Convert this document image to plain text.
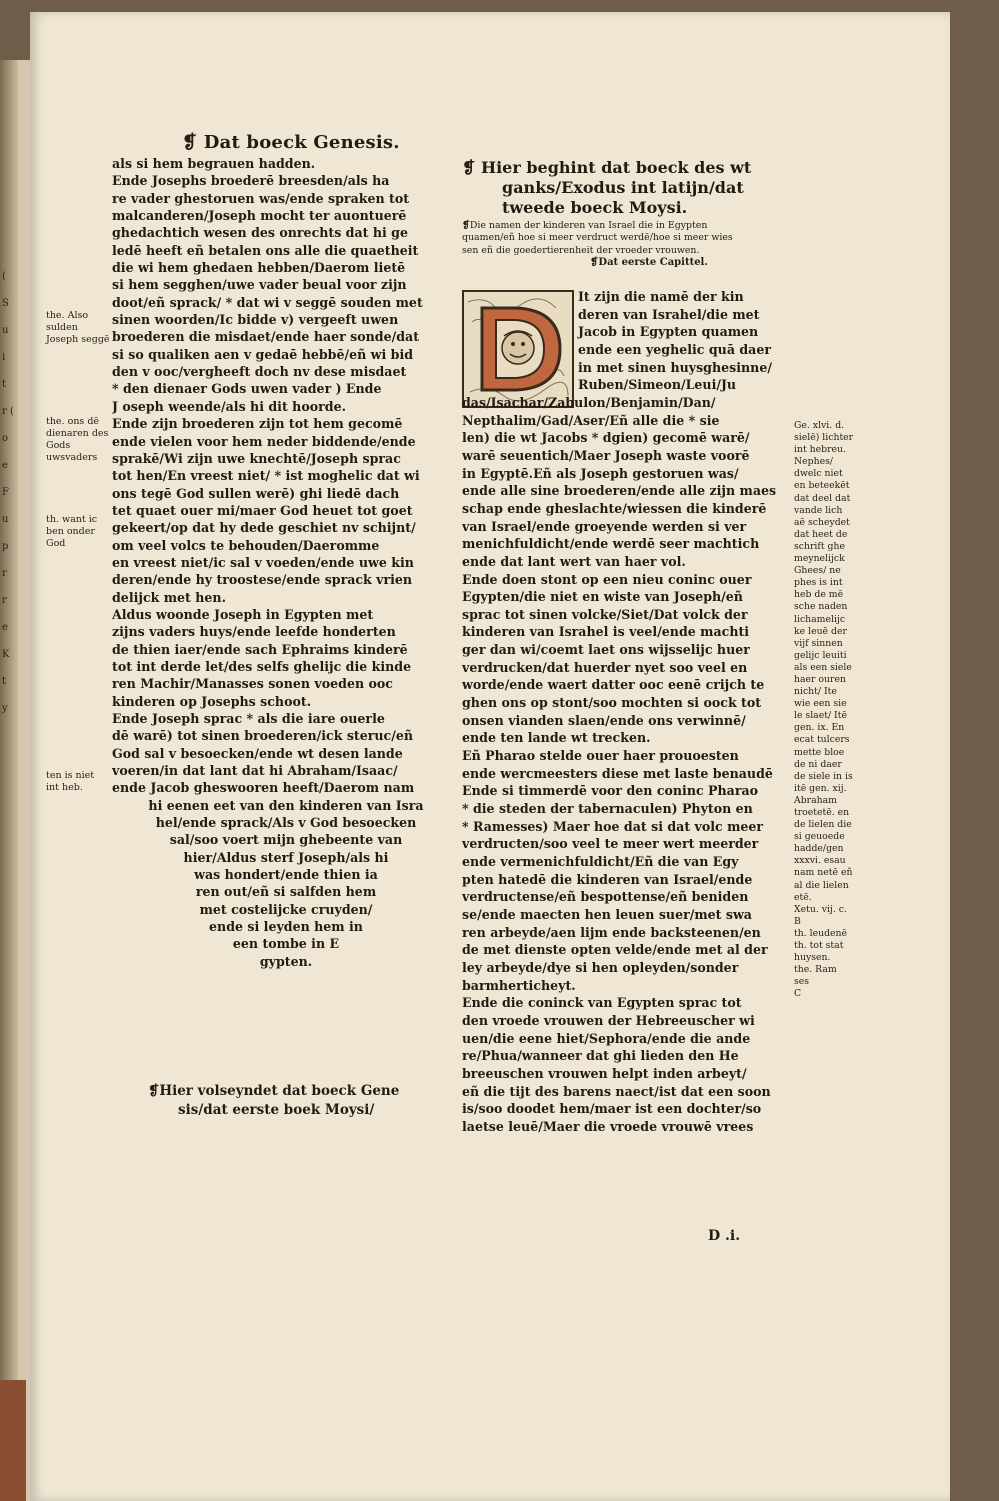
(
S
u
i
t
r (
o
e
F
u
p
r
r
e
K
t
y
❡ Dat boeck Genesis.
als si hem begrauen hadden.
Ende Josephs broederē breesden/als ha
re vader ghestoruen was/ende spraken tot
malcanderen/Joseph mocht ter auontuerē
ghedachtich wesen des onrechts dat hi ge
ledē heeft eñ betalen ons alle die quaetheit
die wi hem ghedaen hebben/Daerom lietē
si hem segghen/uwe vader beual voor zijn
doot/eñ sprack/ * dat wi v seggē souden met
sinen woorden/Ic bidde v) vergeeft uwen
broederen die misdaet/ende haer sonde/dat
si so qualiken aen v gedaē hebbē/eñ wi bid
den v ooc/vergheeft doch nv dese misdaet
* den dienaer Gods uwen vader ) Ende
J oseph weende/als hi dit hoorde.
Ende zijn broederen zijn tot hem gecomē
ende vielen voor hem neder biddende/ende
sprakē/Wi zijn uwe knechtē/Joseph sprac
tot hen/En vreest niet/ * ist moghelic dat wi
ons tegē God sullen werē) ghi liedē dach
tet quaet ouer mi/maer God heuet tot goet
gekeert/op dat hy dede geschiet nv schijnt/
om veel volcs te behouden/Daeromme
en vreest niet/ic sal v voeden/ende uwe kin
deren/ende hy troostese/ende sprack vrien
delijck met hen.
Aldus woonde Joseph in Egypten met
zijns vaders huys/ende leefde honderten
de thien iaer/ende sach Ephraims kinderē
tot int derde let/des selfs ghelijc die kinde
ren Machir/Manasses sonen voeden ooc
kinderen op Josephs schoot.
Ende Joseph sprac * als die iare ouerle
dē warē) tot sinen broederen/ick steruc/eñ
God sal v besoecken/ende wt desen lande
voeren/in dat lant dat hi Abraham/Isaac/
ende Jacob gheswooren heeft/Daerom nam
hi eenen eet van den kinderen van Isra
hel/ende sprack/Als v God besoecken
sal/soo voert mijn ghebeente van
hier/Aldus sterf Joseph/als hi
was hondert/ende thien ia
ren out/eñ si salfden hem
met costelijcke cruyden/
ende si leyden hem in
een tombe in E
gypten.
the. Also sulden Joseph seggē
the. ons dē dienaren des Gods uwsvaders
th. want ic ben onder God
ten is niet int heb.
❡Hier volseyndet dat boeck Gene
sis/dat eerste boek Moysi/
❡ Hier beghint dat boeck des wt
ganks/Exodus int latijn/dat
tweede boeck Moysi.
❡Die namen der kinderen van Israel die in Egypten
quamen/eñ hoe si meer verdruct werdē/hoe si meer wies
sen eñ die goedertierenheit der vroeder vrouwen.
❡Dat eerste Capittel.
It zijn die namē der kin
deren van Israhel/die met
Jacob in Egypten quamen
ende een yeghelic quā daer
in met sinen huysghesinne/
Ruben/Simeon/Leui/Ju
das/Isachar/Zabulon/Benjamin/Dan/
Nepthalim/Gad/Aser/Eñ alle die * sie
len) die wt Jacobs * dgien) gecomē warē/
warē seuentich/Maer Joseph waste voorē
in Egyptē.Eñ als Joseph gestoruen was/
ende alle sine broederen/ende alle zijn maes
schap ende gheslachte/wiessen die kinderē
van Israel/ende groeyende werden si ver
menichfuldicht/ende werdē seer machtich
ende dat lant wert van haer vol.
Ende doen stont op een nieu coninc ouer
Egypten/die niet en wiste van Joseph/eñ
sprac tot sinen volcke/Siet/Dat volck der
kinderen van Israhel is veel/ende machti
ger dan wi/coemt laet ons wijsselijc huer
verdrucken/dat huerder nyet soo veel en
worde/ende waert datter ooc eenē crijch te
ghen ons op stont/soo mochten si oock tot
onsen vianden slaen/ende ons verwinnē/
ende ten lande wt trecken.
Eñ Pharao stelde ouer haer prouoesten
ende wercmeesters diese met laste benaudē
Ende si timmerdē voor den coninc Pharao
* die steden der tabernaculen) Phyton en
* Ramesses) Maer hoe dat si dat volc meer
verdructen/soo veel te meer wert meerder
ende vermenichfuldicht/Eñ die van Egy
pten hatedē die kinderen van Israel/ende
verdructense/eñ bespottense/eñ beniden
se/ende maecten hen leuen suer/met swa
ren arbeyde/aen lijm ende backsteenen/en
de met dienste opten velde/ende met al der
ley arbeyde/dye si hen opleyden/sonder
barmherticheyt.
Ende die coninck van Egypten sprac tot
den vroede vrouwen der Hebreeuscher wi
uen/die eene hiet/Sephora/ende die ande
re/Phua/wanneer dat ghi lieden den He
breeuschen vrouwen helpt inden arbeyt/
eñ die tijt des barens naect/ist dat een soon
is/soo doodet hem/maer ist een dochter/so
laetse leuē/Maer die vroede vrouwē vrees
Ge. xlvi. d.
sielē) lichter
int hebreu.
Nephes/
dwelc niet
en beteekēt
dat deel dat
vande lich
aē scheydet
dat heet de
schrift ghe
meynelijck
Ghees/ ne
phes is int
heb de mē
sche naden
lichamelijc
ke leuē der
vijf sinnen
gelijc leuiti
als een siele
haer ouren
nicht/ Ite
wie een sie
le slaet/ Itē
gen. ix. En
ecat tulcers
mette bloe
de ni daer
de siele in is
itē gen. xij.
Abraham
troetetē. en
de lielen die
si geuoede
hadde/gen
xxxvi. esau
nam netē eñ
al die lielen
etē.
Xetu. vij. c.
B
th. leudenē
th. tot stat
huysen.
the. Ram
ses
C
D .i.
